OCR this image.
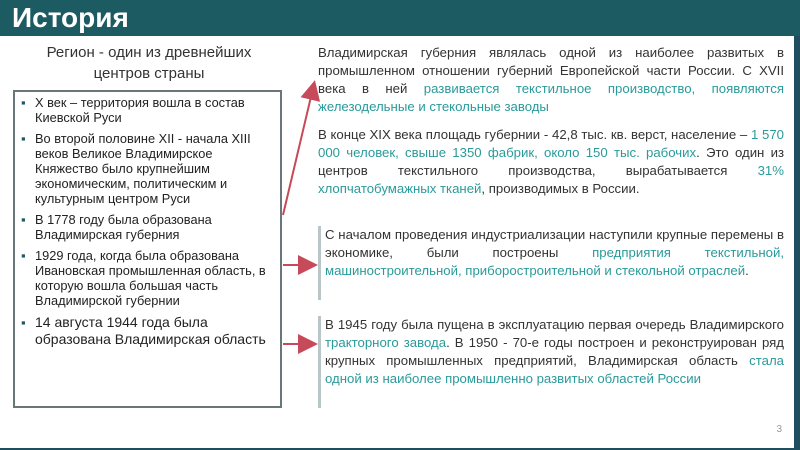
История
Регион - один из древнейших центров страны
▪ X век – территория вошла в состав Киевской Руси
▪ Во второй половине XII - начала XIII веков Великое Владимирское Княжество было крупнейшим экономическим, политическим и культурным центром Руси
▪ В 1778 году была образована Владимирская губерния
▪ 1929 года, когда была образована Ивановская промышленная область, в которую вошла большая часть Владимирской губернии
▪ 14 августа 1944 года была образована Владимирская область
Владимирская губерния являлась одной из наиболее развитых в промышленном отношении губерний Европейской части России. С XVII века в ней развивается текстильное производство, появляются железодельные и стекольные заводы
В конце XIX века площадь губернии - 42,8 тыс. кв. верст, население – 1 570 000 человек, свыше 1350 фабрик, около 150 тыс. рабочих. Это один из центров текстильного производства, вырабатывается 31% хлопчатобумажных тканей, производимых в России.
С началом проведения индустриализации наступили крупные перемены в экономике, были построены предприятия текстильной, машиностроительной, приборостроительной и стекольной отраслей.
В 1945 году была пущена в эксплуатацию первая очередь Владимирского тракторного завода. В 1950 - 70-е годы построен и реконструирован ряд крупных промышленных предприятий, Владимирская область стала одной из наиболее промышленно развитых областей России
3
